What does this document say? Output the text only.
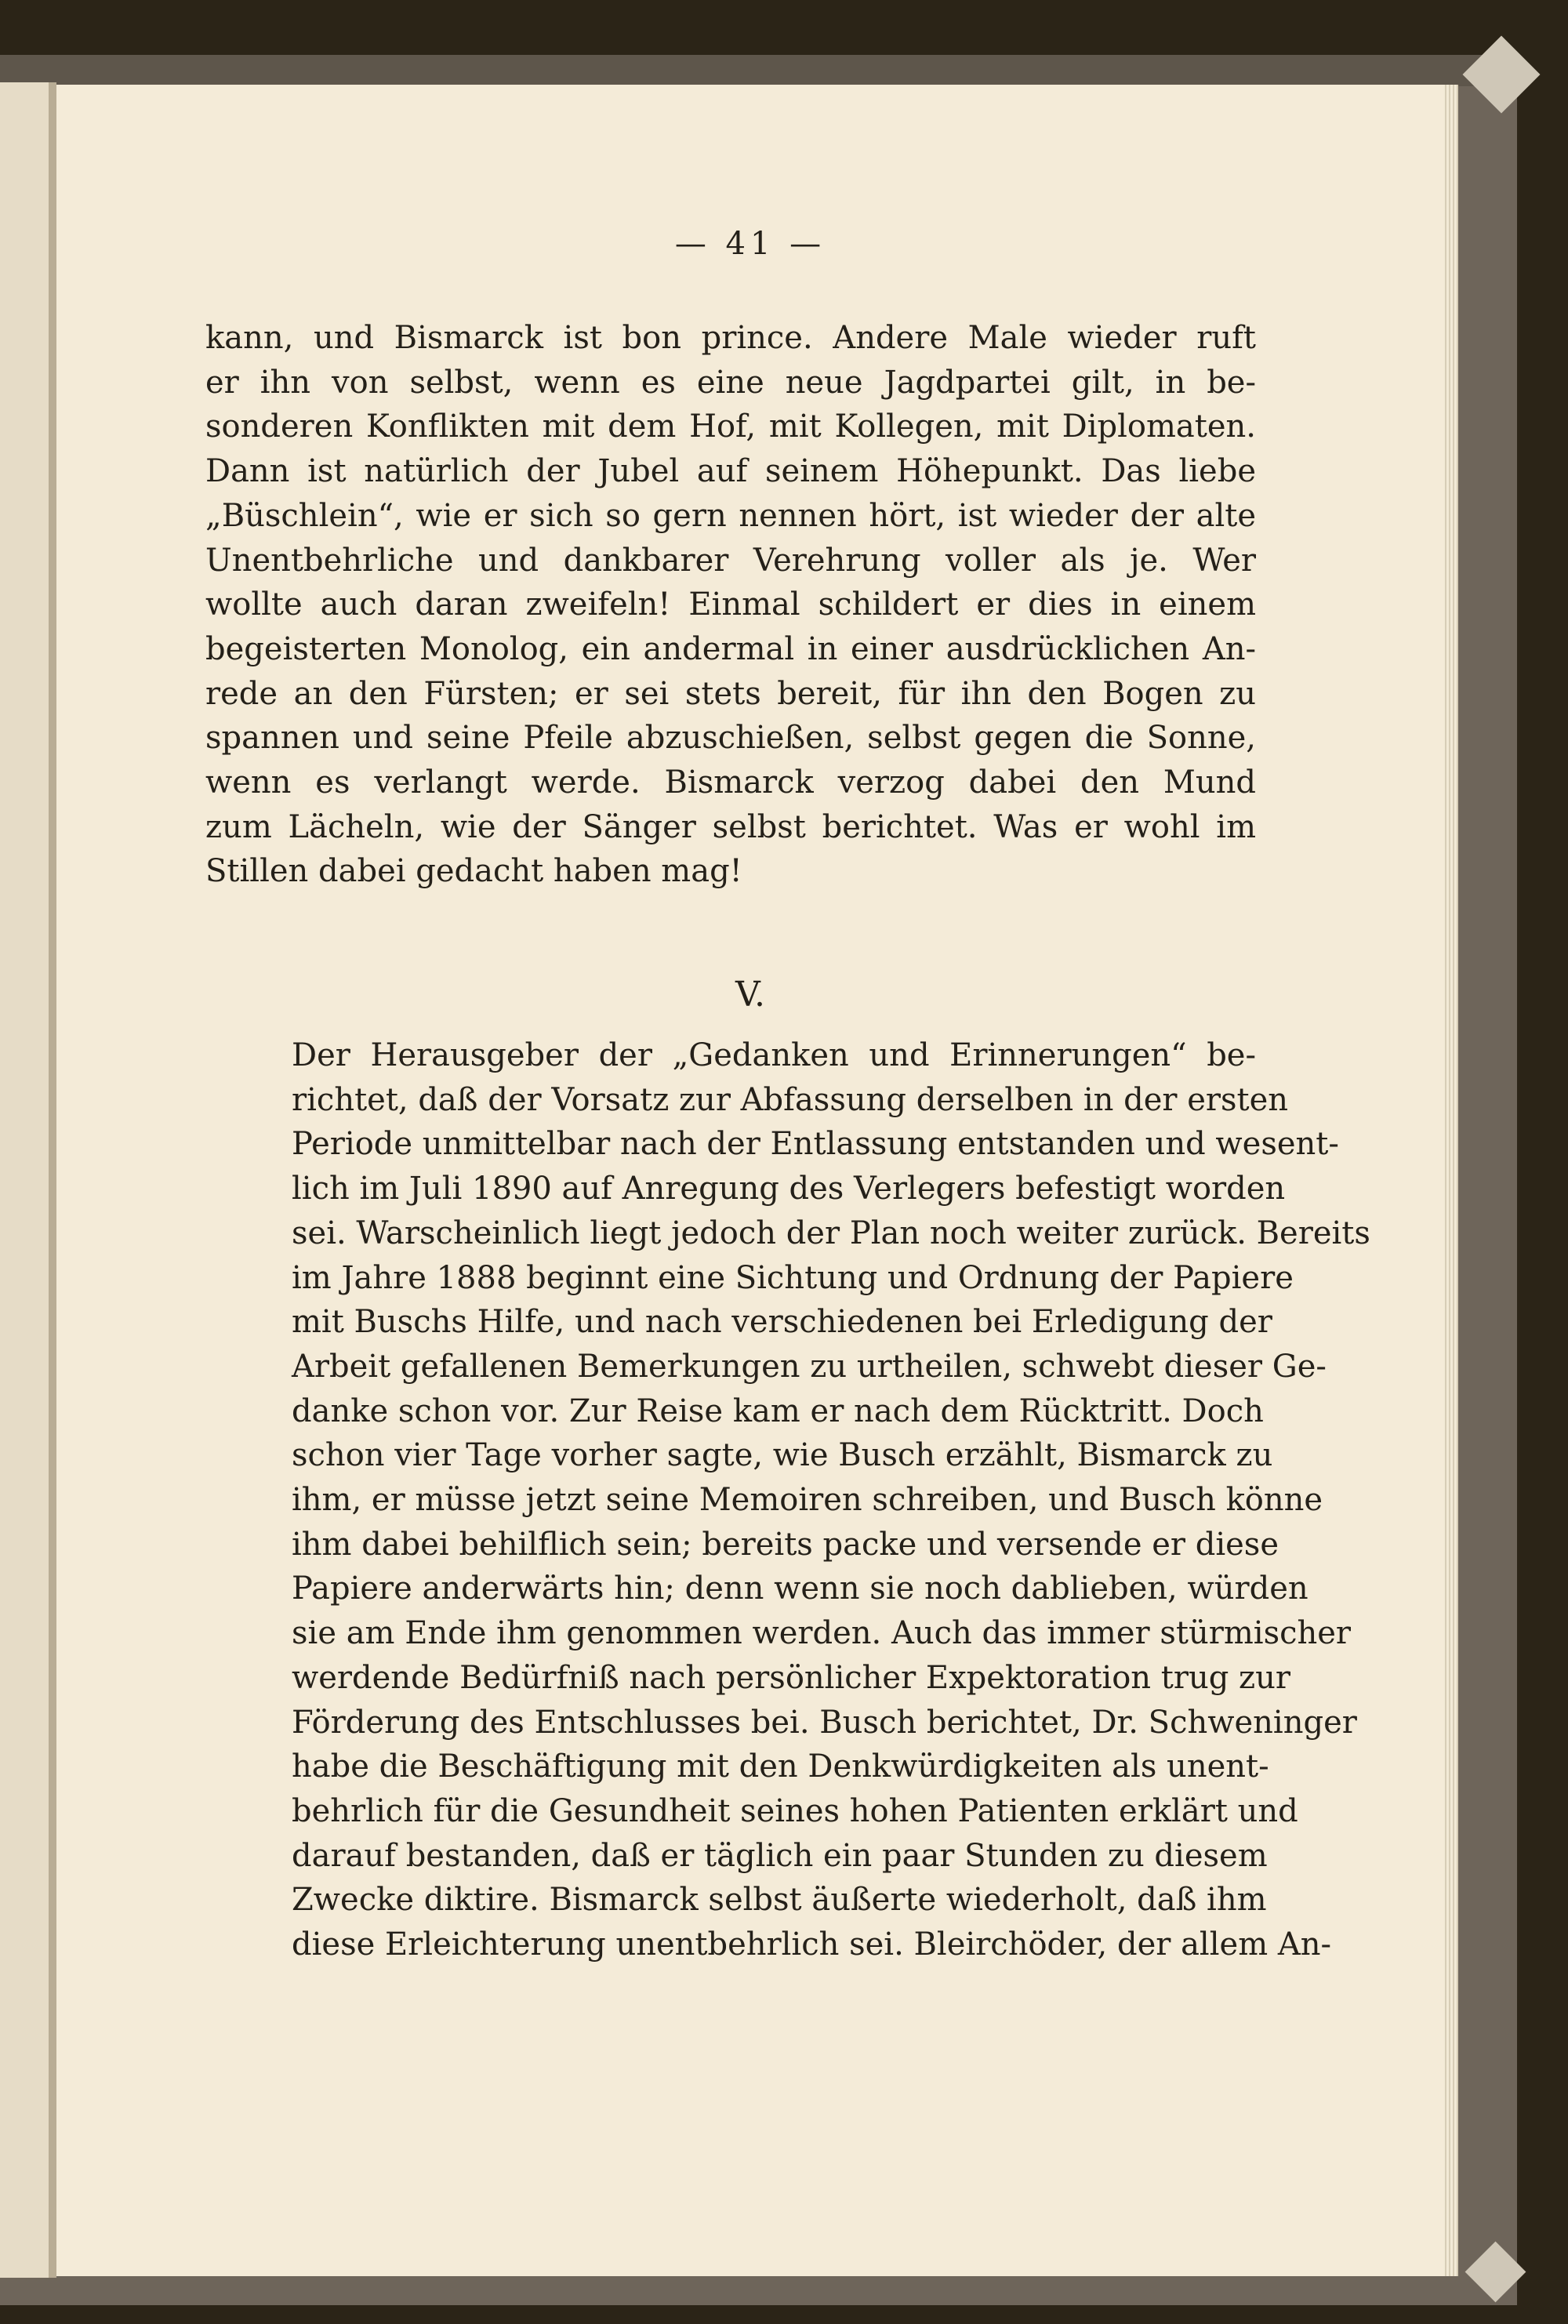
— 41 —

kann, und Bismarck ist bon prince. Andere Male wieder ruft
er ihn von selbst, wenn es eine neue Jagdpartei gilt, in be-
sonderen Konflikten mit dem Hof, mit Kollegen, mit Diplomaten.
Dann ist natürlich der Jubel auf seinem Höhepunkt. Das liebe
„Büschlein“, wie er sich so gern nennen hört, ist wieder der alte
Unentbehrliche und dankbarer Verehrung voller als je. Wer
wollte auch daran zweifeln! Einmal schildert er dies in einem
begeisterten Monolog, ein andermal in einer ausdrücklichen An-
rede an den Fürsten; er sei stets bereit, für ihn den Bogen zu
spannen und seine Pfeile abzuschießen, selbst gegen die Sonne,
wenn es verlangt werde. Bismarck verzog dabei den Mund
zum Lächeln, wie der Sänger selbst berichtet. Was er wohl im
Stillen dabei gedacht haben mag!

V.

Der Herausgeber der „Gedanken und Erinnerungen“ be-
richtet, daß der Vorsatz zur Abfassung derselben in der ersten
Periode unmittelbar nach der Entlassung entstanden und wesent-
lich im Juli 1890 auf Anregung des Verlegers befestigt worden
sei. Warscheinlich liegt jedoch der Plan noch weiter zurück. Bereits
im Jahre 1888 beginnt eine Sichtung und Ordnung der Papiere
mit Buschs Hilfe, und nach verschiedenen bei Erledigung der
Arbeit gefallenen Bemerkungen zu urtheilen, schwebt dieser Ge-
danke schon vor. Zur Reise kam er nach dem Rücktritt. Doch
schon vier Tage vorher sagte, wie Busch erzählt, Bismarck zu
ihm, er müsse jetzt seine Memoiren schreiben, und Busch könne
ihm dabei behilflich sein; bereits packe und versende er diese
Papiere anderwärts hin; denn wenn sie noch dablieben, würden
sie am Ende ihm genommen werden. Auch das immer stürmischer
werdende Bedürfniß nach persönlicher Expektoration trug zur
Förderung des Entschlusses bei. Busch berichtet, Dr. Schweninger
habe die Beschäftigung mit den Denkwürdigkeiten als unent-
behrlich für die Gesundheit seines hohen Patienten erklärt und
darauf bestanden, daß er täglich ein paar Stunden zu diesem
Zwecke diktire. Bismarck selbst äußerte wiederholt, daß ihm
diese Erleichterung unentbehrlich sei. Bleirchöder, der allem An-
